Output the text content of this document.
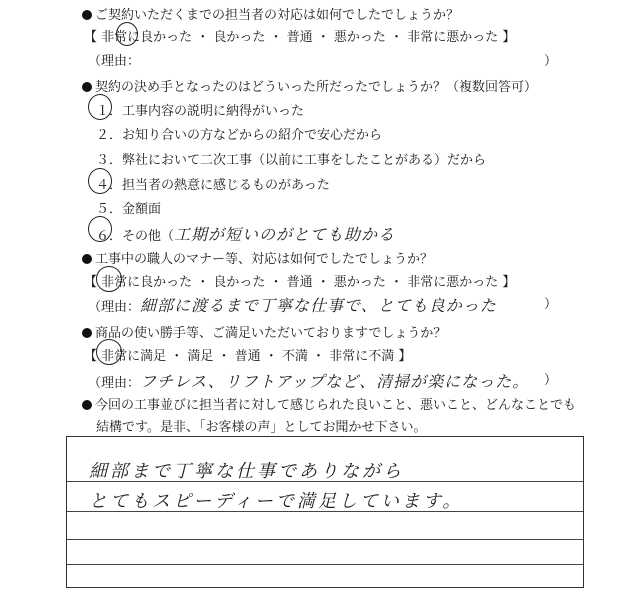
ご契約いただくまでの担当者の対応は如何でしたでしょうか？
【 非常に良かった ・ 良かった ・ 普通 ・ 悪かった ・ 非常に悪かった 】
（理由：	）
契約の決め手となったのはどういった所だったでしょうか？（複数回答可）
１．工事内容の説明に納得がいった
２．お知り合いの方などからの紹介で安心だから
３．弊社において二次工事（以前に工事をしたことがある）だから
４．担当者の熱意に感じるものがあった
５．金額面
６．その他（工期が短いのがとても助かる
工事中の職人のマナー等、対応は如何でしたでしょうか？
【 非常に良かった ・ 良かった ・ 普通 ・ 悪かった ・ 非常に悪かった 】
（理由：細部に渡るまで丁寧な仕事で、とても良かった	）
商品の使い勝手等、ご満足いただいておりますでしょうか？
【 非常に満足 ・ 満足 ・ 普通 ・ 不満 ・ 非常に不満 】
（理由：フチレス、リフトアップなど、清掃が楽になった。 ）
今回の工事並びに担当者に対して感じられた良いこと、悪いこと、どんなことでも
結構です。是非、「お客様の声」としてお聞かせ下さい。
細部まで丁寧な仕事でありながら
とてもスピーディーで満足しています。
